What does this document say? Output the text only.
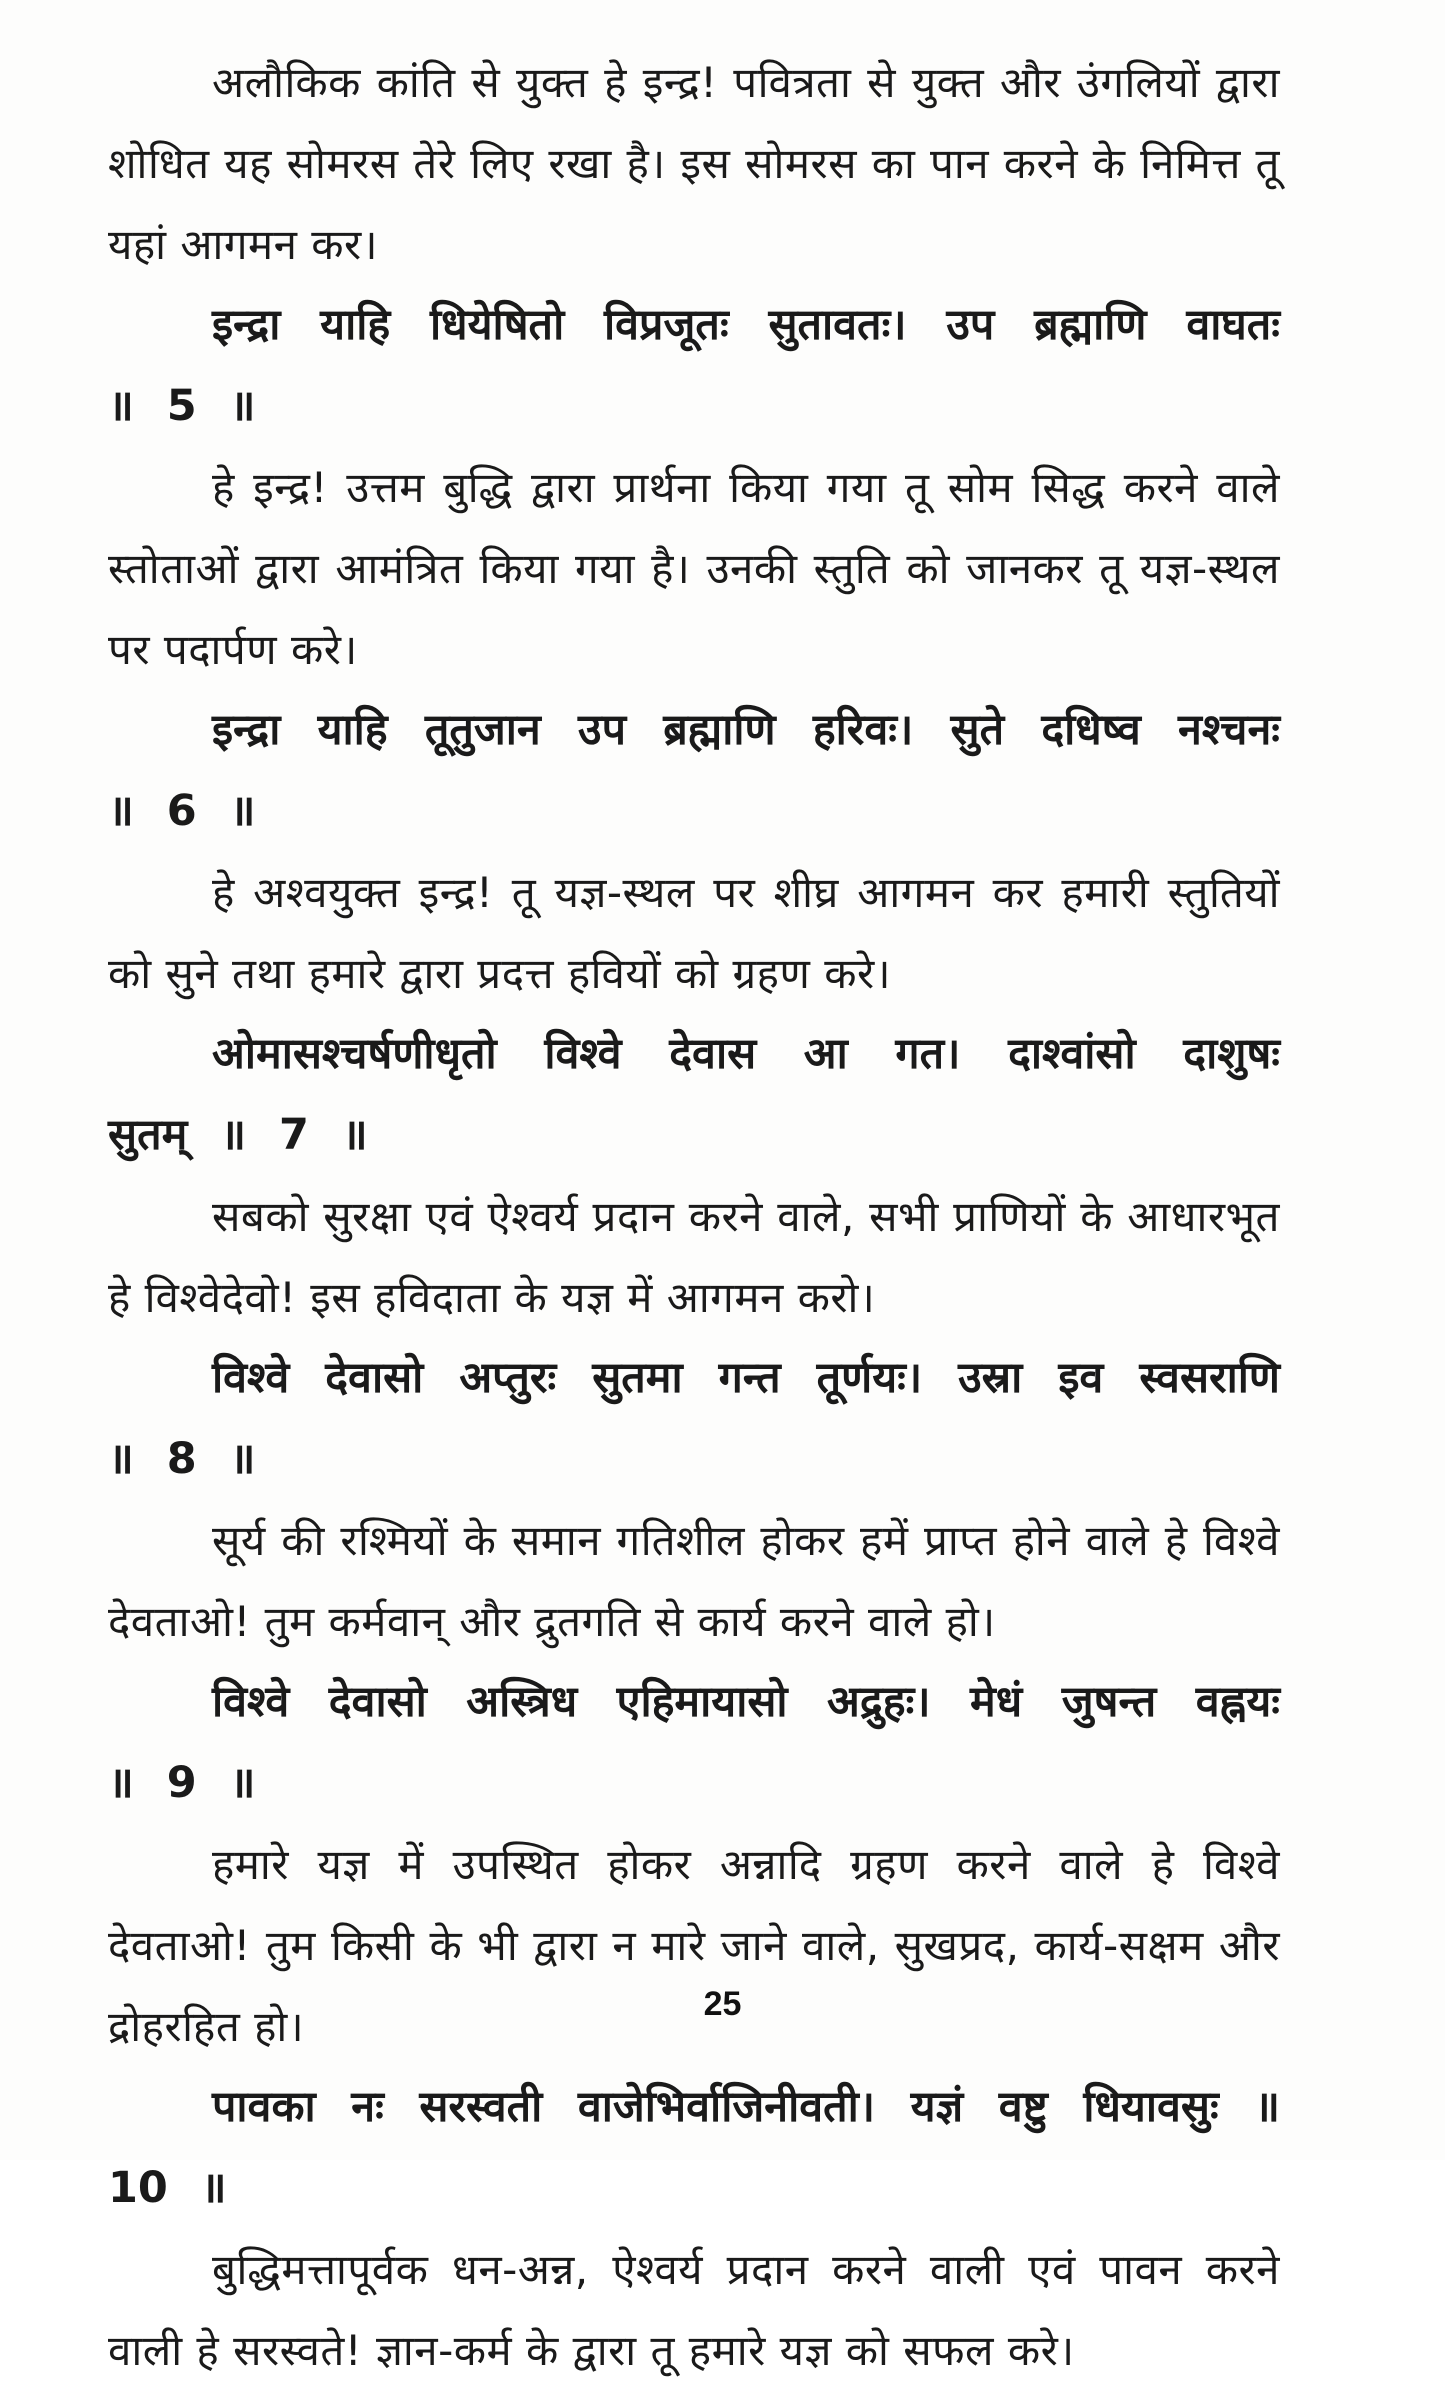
अलौकिक कांति से युक्त हे इन्द्र! पवित्रता से युक्त और उंगलियों द्वारा शोधित यह सोमरस तेरे लिए रखा है। इस सोमरस का पान करने के निमित्त तू यहां आगमन कर।

इन्द्रा याहि धियेषितो विप्रजूतः सुतावतः। उप ब्रह्माणि वाघतः ॥ 5 ॥

हे इन्द्र! उत्तम बुद्धि द्वारा प्रार्थना किया गया तू सोम सिद्ध करने वाले स्तोताओं द्वारा आमंत्रित किया गया है। उनकी स्तुति को जानकर तू यज्ञ-स्थल पर पदार्पण करे।

इन्द्रा याहि तूतुजान उप ब्रह्माणि हरिवः। सुते दधिष्व नश्चनः ॥ 6 ॥

हे अश्वयुक्त इन्द्र! तू यज्ञ-स्थल पर शीघ्र आगमन कर हमारी स्तुतियों को सुने तथा हमारे द्वारा प्रदत्त हवियों को ग्रहण करे।

ओमासश्चर्षणीधृतो विश्वे देवास आ गत। दाश्वांसो दाशुषः सुतम् ॥ 7 ॥

सबको सुरक्षा एवं ऐश्वर्य प्रदान करने वाले, सभी प्राणियों के आधारभूत हे विश्वेदेवो! इस हविदाता के यज्ञ में आगमन करो।

विश्वे देवासो अप्तुरः सुतमा गन्त तूर्णयः। उस्रा इव स्वसराणि ॥ 8 ॥

सूर्य की रश्मियों के समान गतिशील होकर हमें प्राप्त होने वाले हे विश्वे देवताओ! तुम कर्मवान् और द्रुतगति से कार्य करने वाले हो।

विश्वे देवासो अस्त्रिध एहिमायासो अद्रुहः। मेधं जुषन्त वह्नयः ॥ 9 ॥

हमारे यज्ञ में उपस्थित होकर अन्नादि ग्रहण करने वाले हे विश्वे देवताओ! तुम किसी के भी द्वारा न मारे जाने वाले, सुखप्रद, कार्य-सक्षम और द्रोहरहित हो।

पावका नः सरस्वती वाजेभिर्वाजिनीवती। यज्ञं वष्टु धियावसुः ॥ 10 ॥

बुद्धिमत्तापूर्वक धन-अन्न, ऐश्वर्य प्रदान करने वाली एवं पावन करने वाली हे सरस्वते! ज्ञान-कर्म के द्वारा तू हमारे यज्ञ को सफल करे।

25
